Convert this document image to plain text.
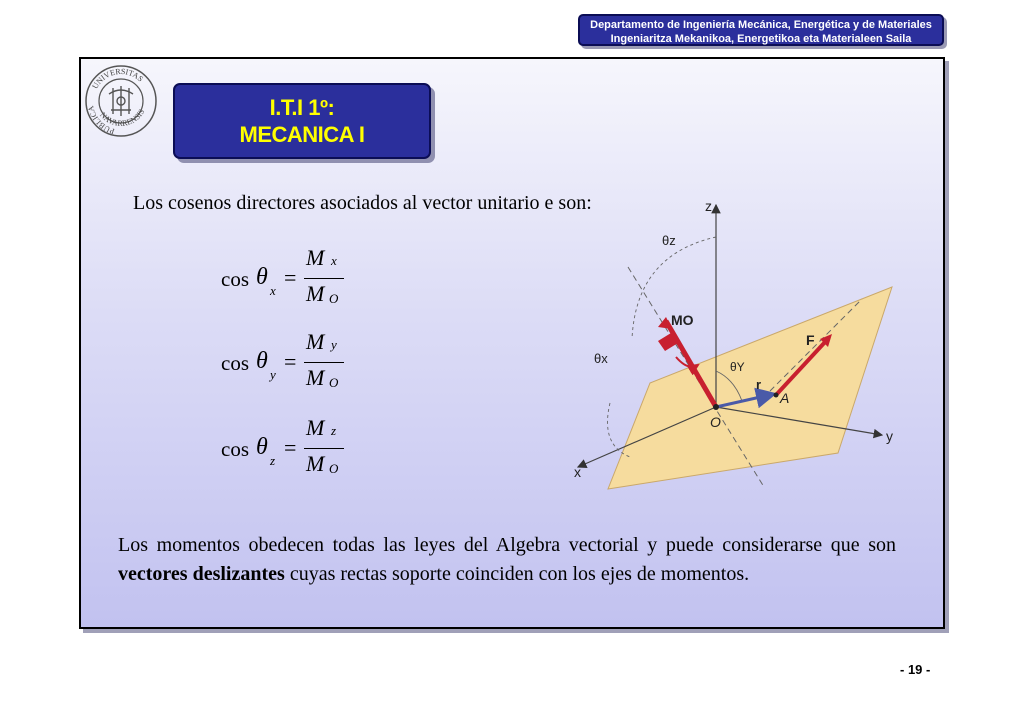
Departamento de Ingeniería Mecánica, Energética y de Materiales
Ingeniaritza Mekanikoa, Energetikoa eta Materialeen Saila
UNIVERSITAS
PUBLICA
NAVARRENSIS	I.T.I 1º:
MECANICA I
Los cosenos directores asociados al vector unitario e son:
cos θ
x
=
M x
M O
cos θ
y
=
M y
M O
cos θ
z
=
M z
M O
z
y
x
θz
θx
θY
MO
F
r
A
O
Los momentos obedecen todas las leyes del Algebra vectorial y puede considerarse que son vectores deslizantes cuyas rectas soporte coinciden con los ejes de momentos.
- 19 -
